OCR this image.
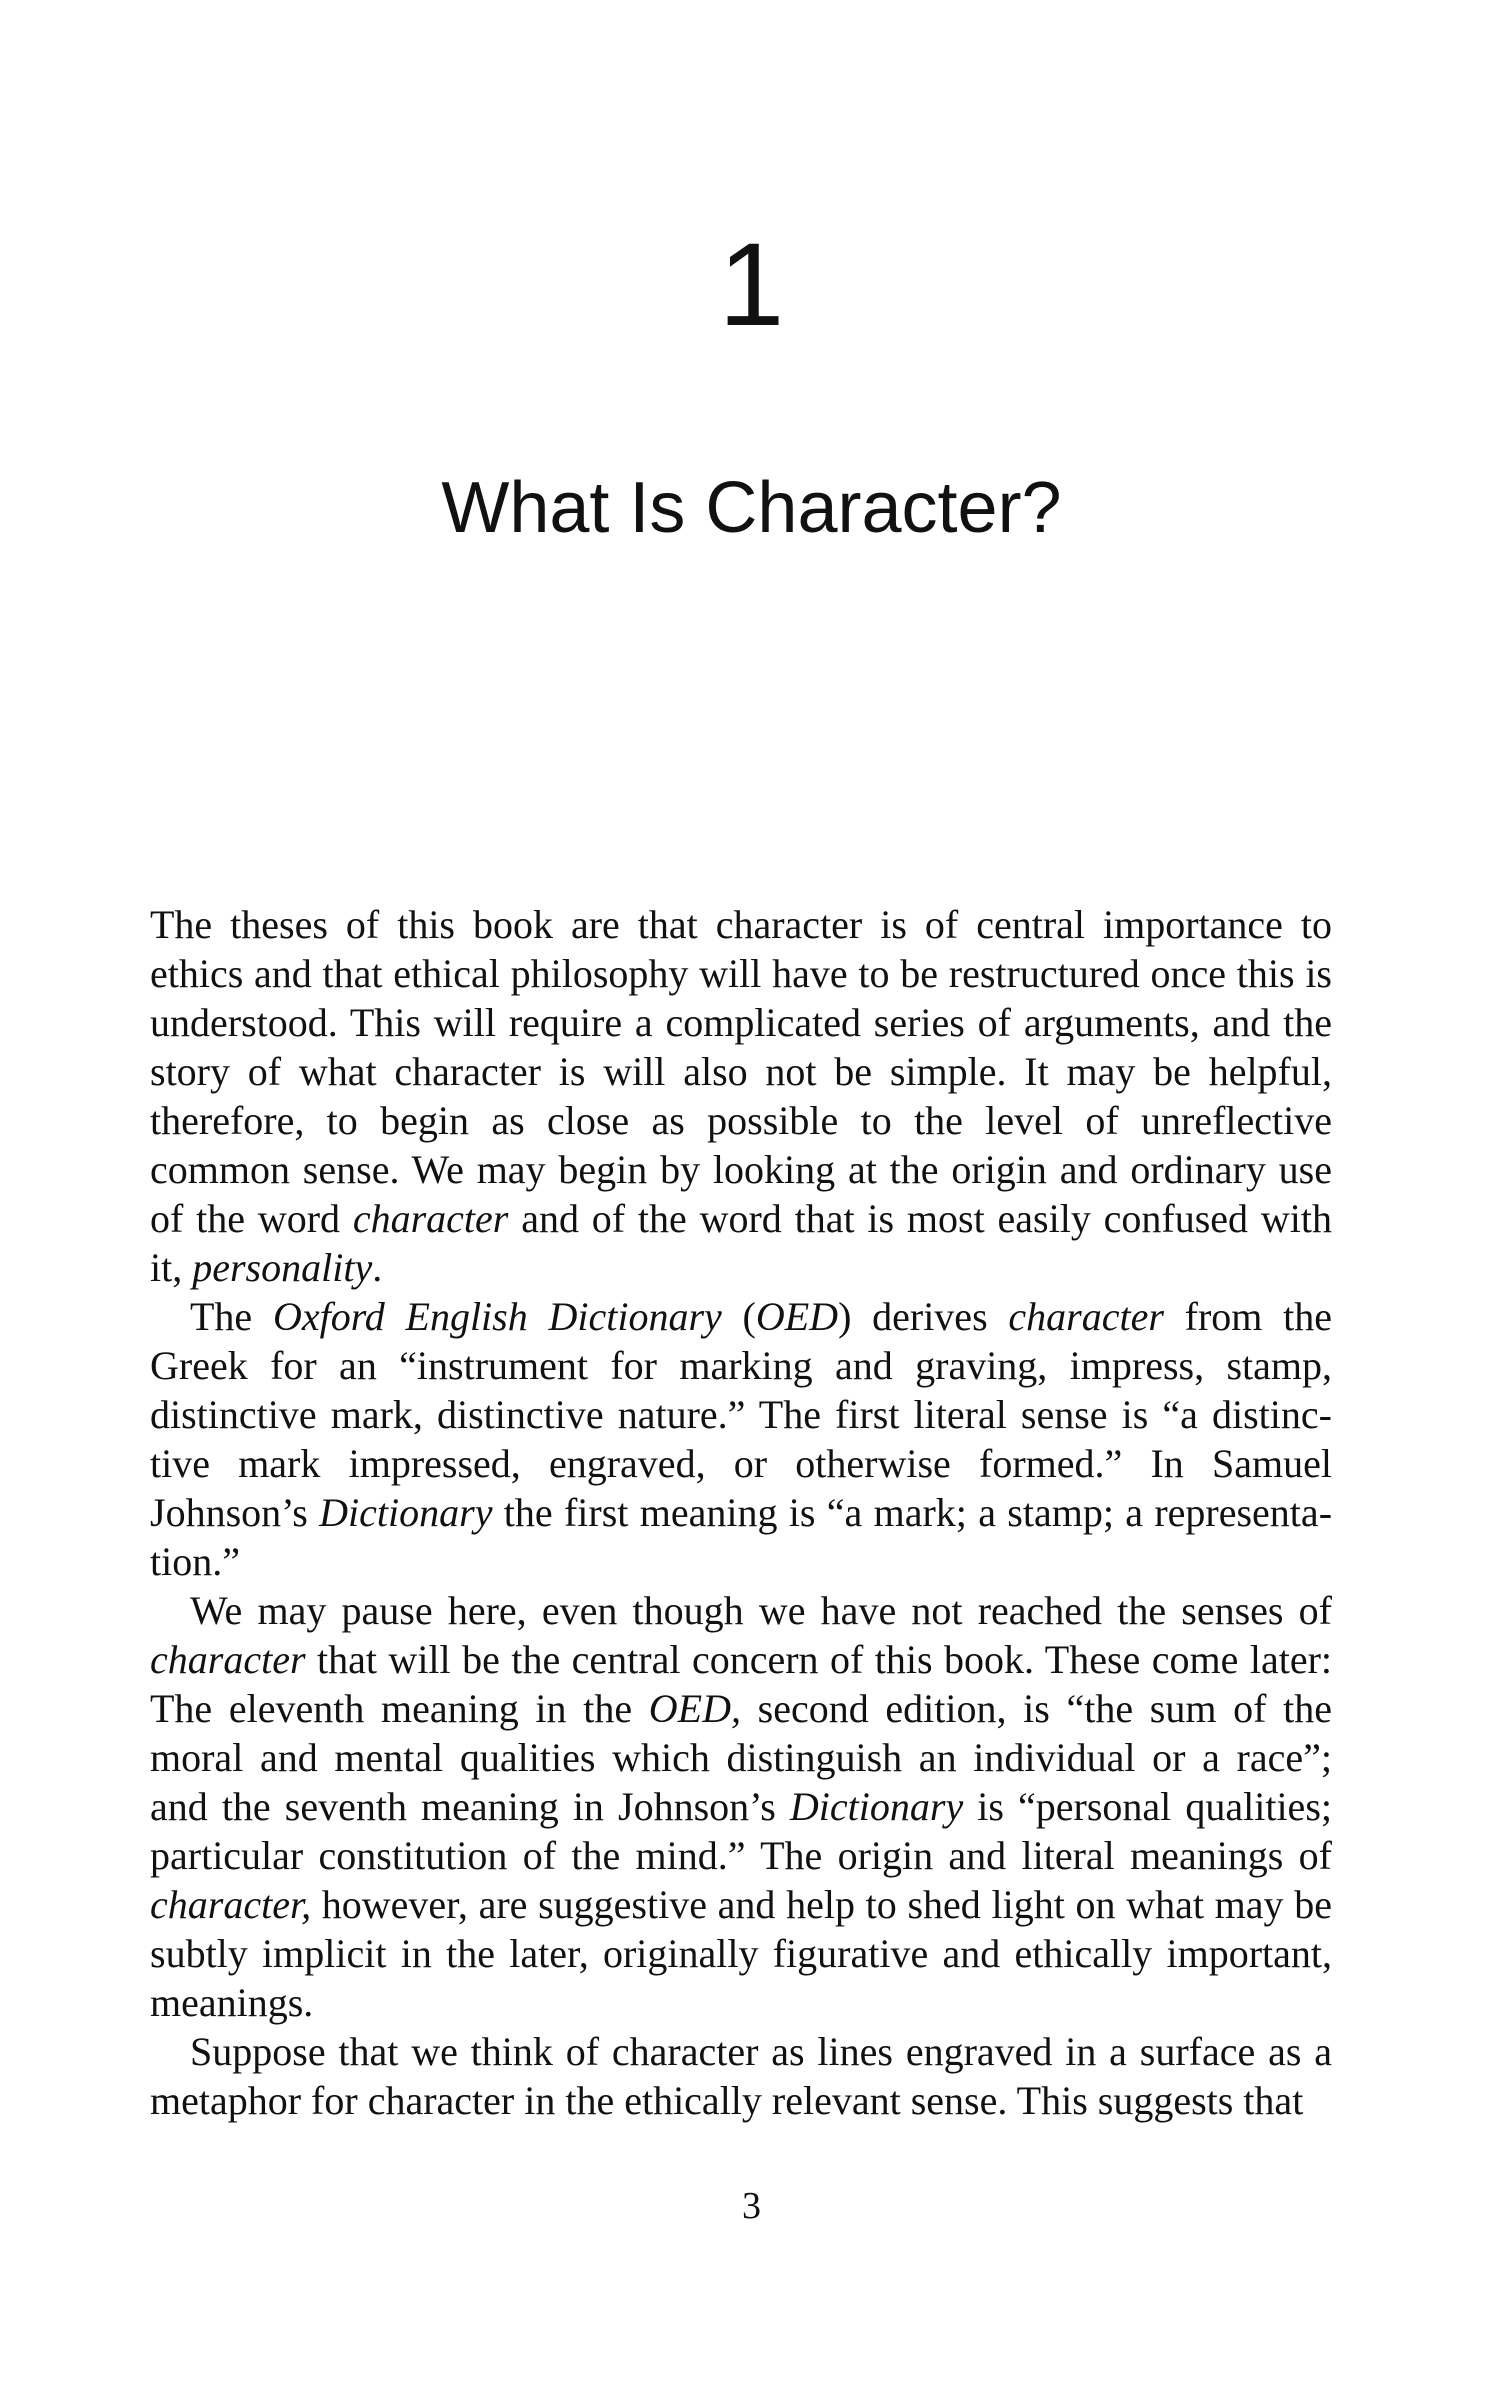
1
What Is Character?

The theses of this book are that character is of central importance to ethics and that ethical philosophy will have to be restructured once this is understood. This will require a complicated series of arguments, and the story of what character is will also not be simple. It may be helpful, therefore, to begin as close as possible to the level of unreflective common sense. We may begin by looking at the origin and ordinary use of the word character and of the word that is most easily confused with it, personality.

The Oxford English Dictionary (OED) derives character from the Greek for an “instrument for marking and graving, impress, stamp, distinctive mark, distinctive nature.” The first literal sense is “a distinctive mark impressed, engraved, or otherwise formed.” In Samuel Johnson’s Dictionary the first meaning is “a mark; a stamp; a representation.”

We may pause here, even though we have not reached the senses of character that will be the central concern of this book. These come later: The eleventh meaning in the OED, second edition, is “the sum of the moral and mental qualities which distinguish an individual or a race”; and the seventh meaning in Johnson’s Dictionary is “personal qualities; particular constitution of the mind.” The origin and literal meanings of character, however, are suggestive and help to shed light on what may be subtly implicit in the later, originally figurative and ethically important, meanings.

Suppose that we think of character as lines engraved in a surface as a metaphor for character in the ethically relevant sense. This suggests that

3
